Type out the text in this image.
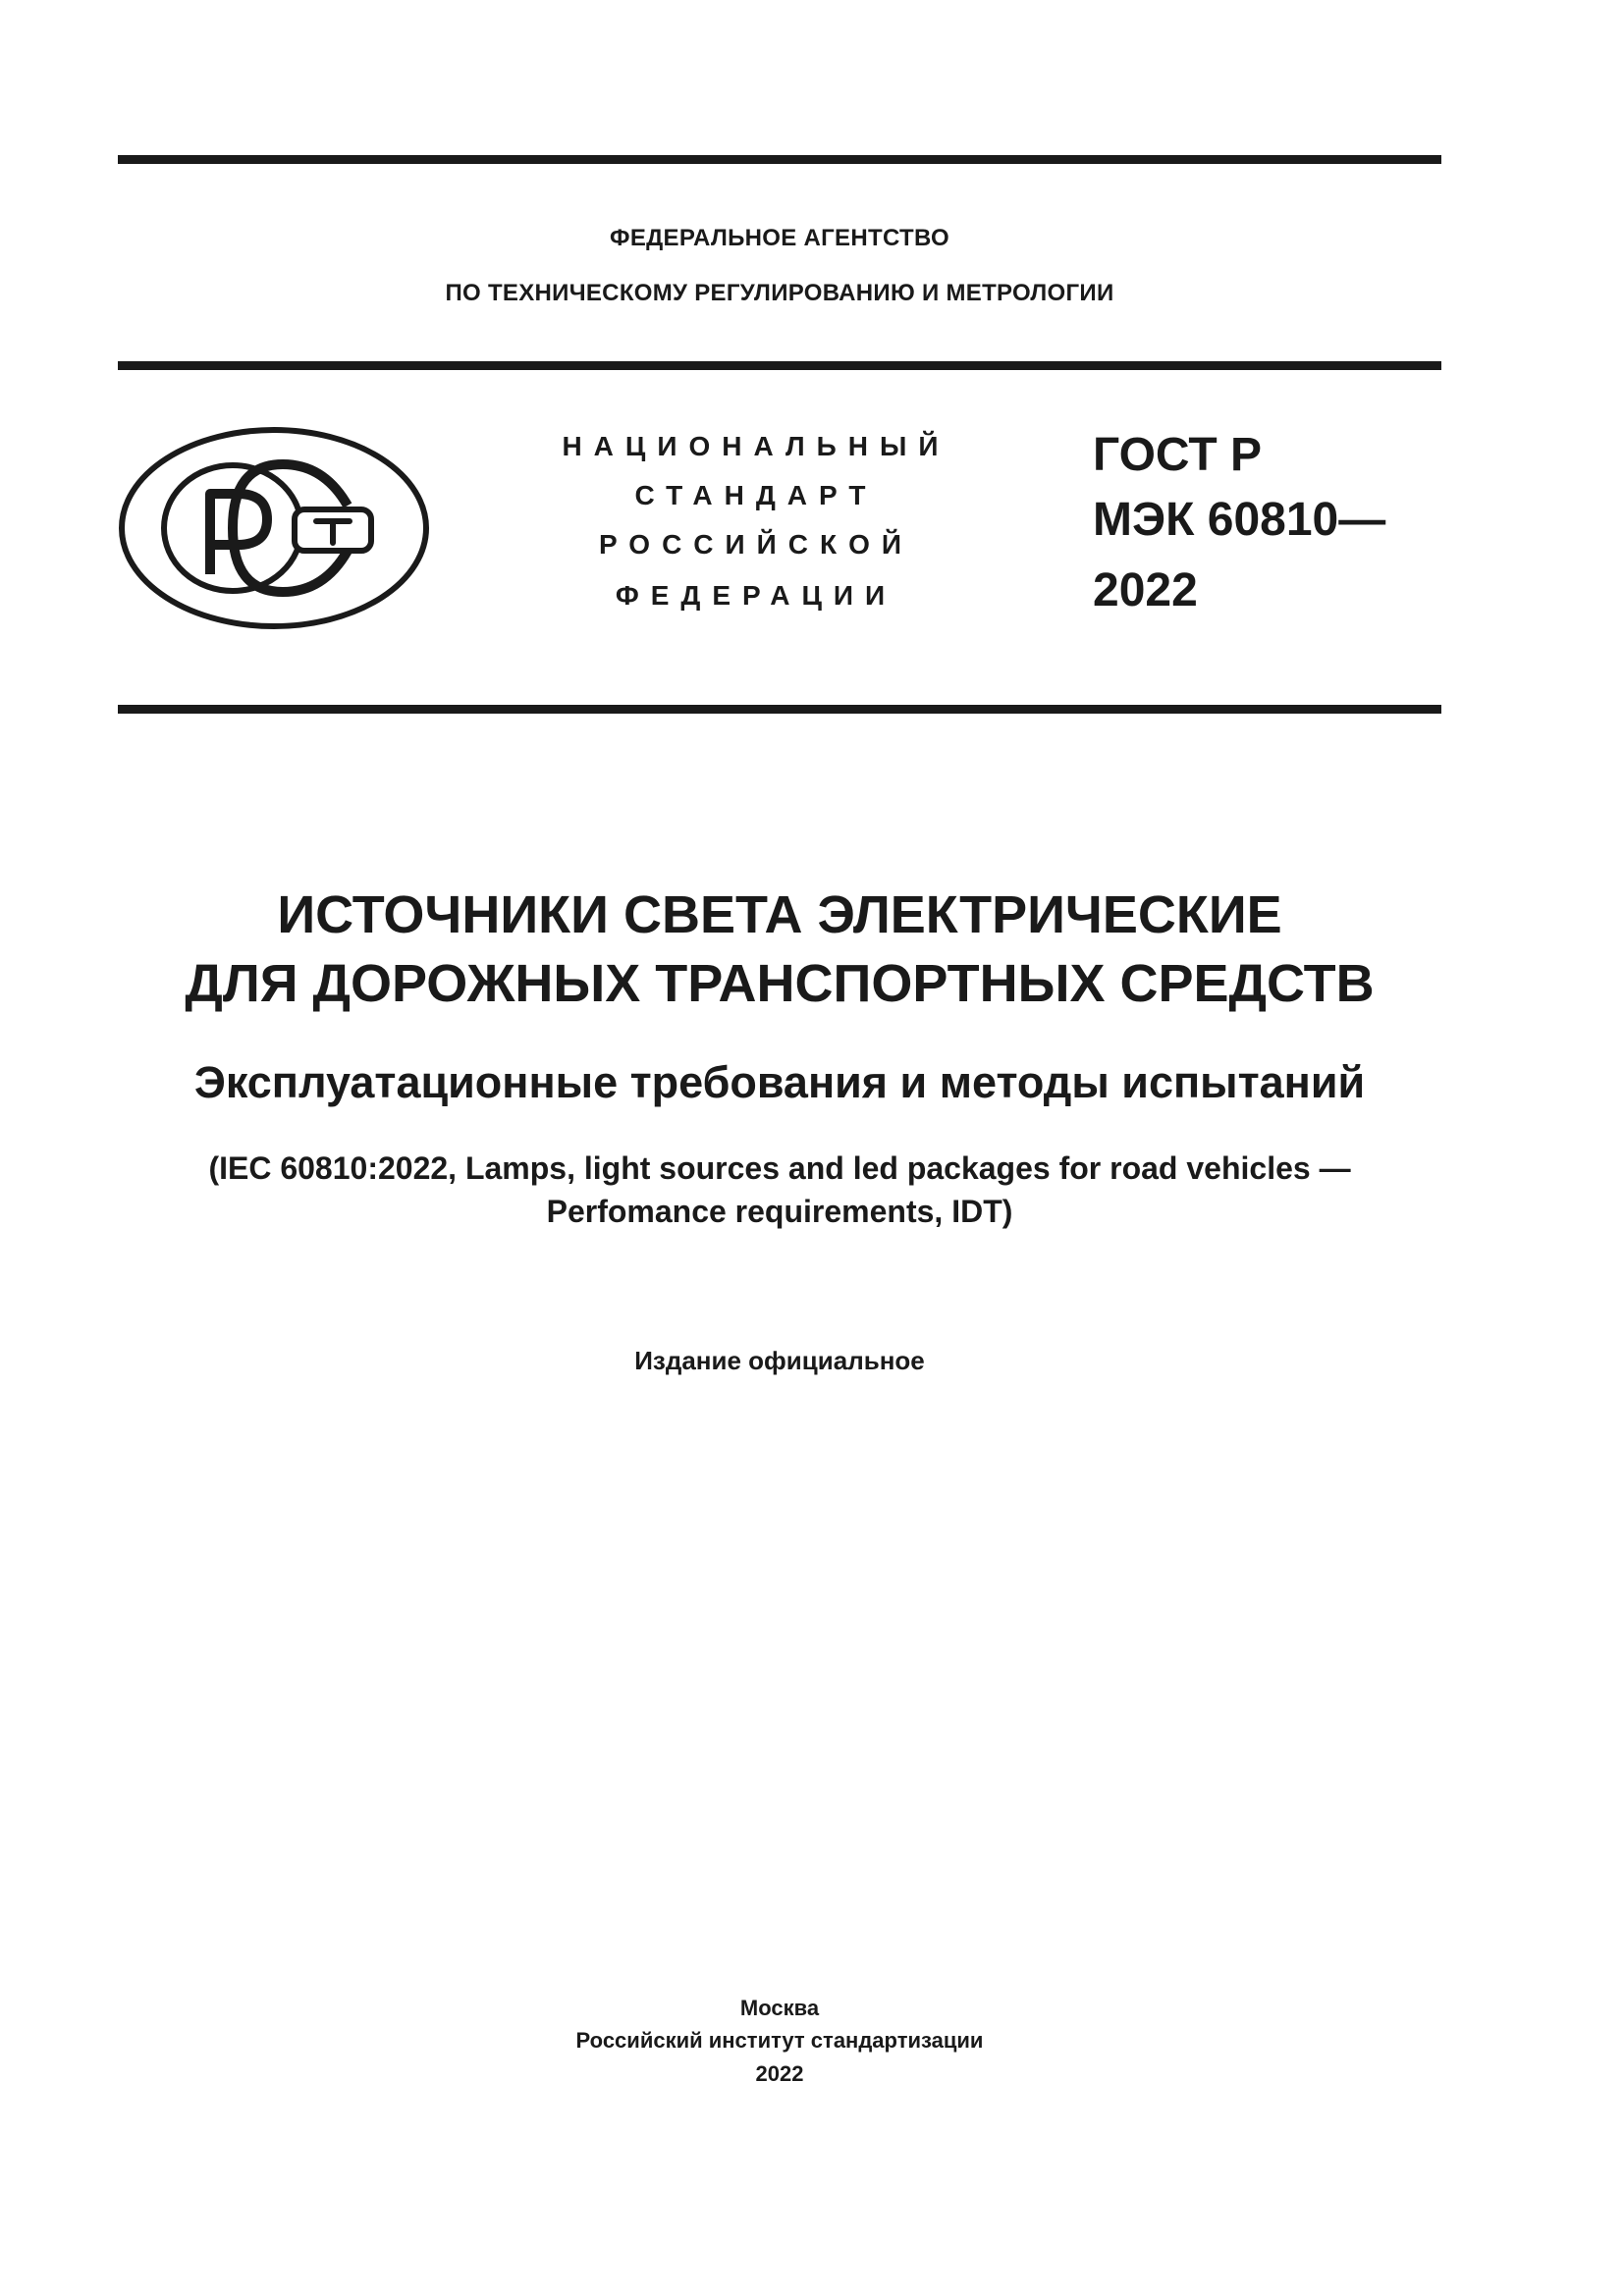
ФЕДЕРАЛЬНОЕ АГЕНТСТВО
ПО ТЕХНИЧЕСКОМУ РЕГУЛИРОВАНИЮ И МЕТРОЛОГИИ
НАЦИОНАЛЬНЫЙ
СТАНДАРТ
РОССИЙСКОЙ
ФЕДЕРАЦИИ
ГОСТ Р
МЭК 60810—
2022
ИСТОЧНИКИ СВЕТА ЭЛЕКТРИЧЕСКИЕ
ДЛЯ ДОРОЖНЫХ ТРАНСПОРТНЫХ СРЕДСТВ
Эксплуатационные требования и методы испытаний
(IEC 60810:2022, Lamps, light sources and led packages for road vehicles —
Perfomance requirements, IDT)
Издание официальное
Москва
Российский институт стандартизации
2022
